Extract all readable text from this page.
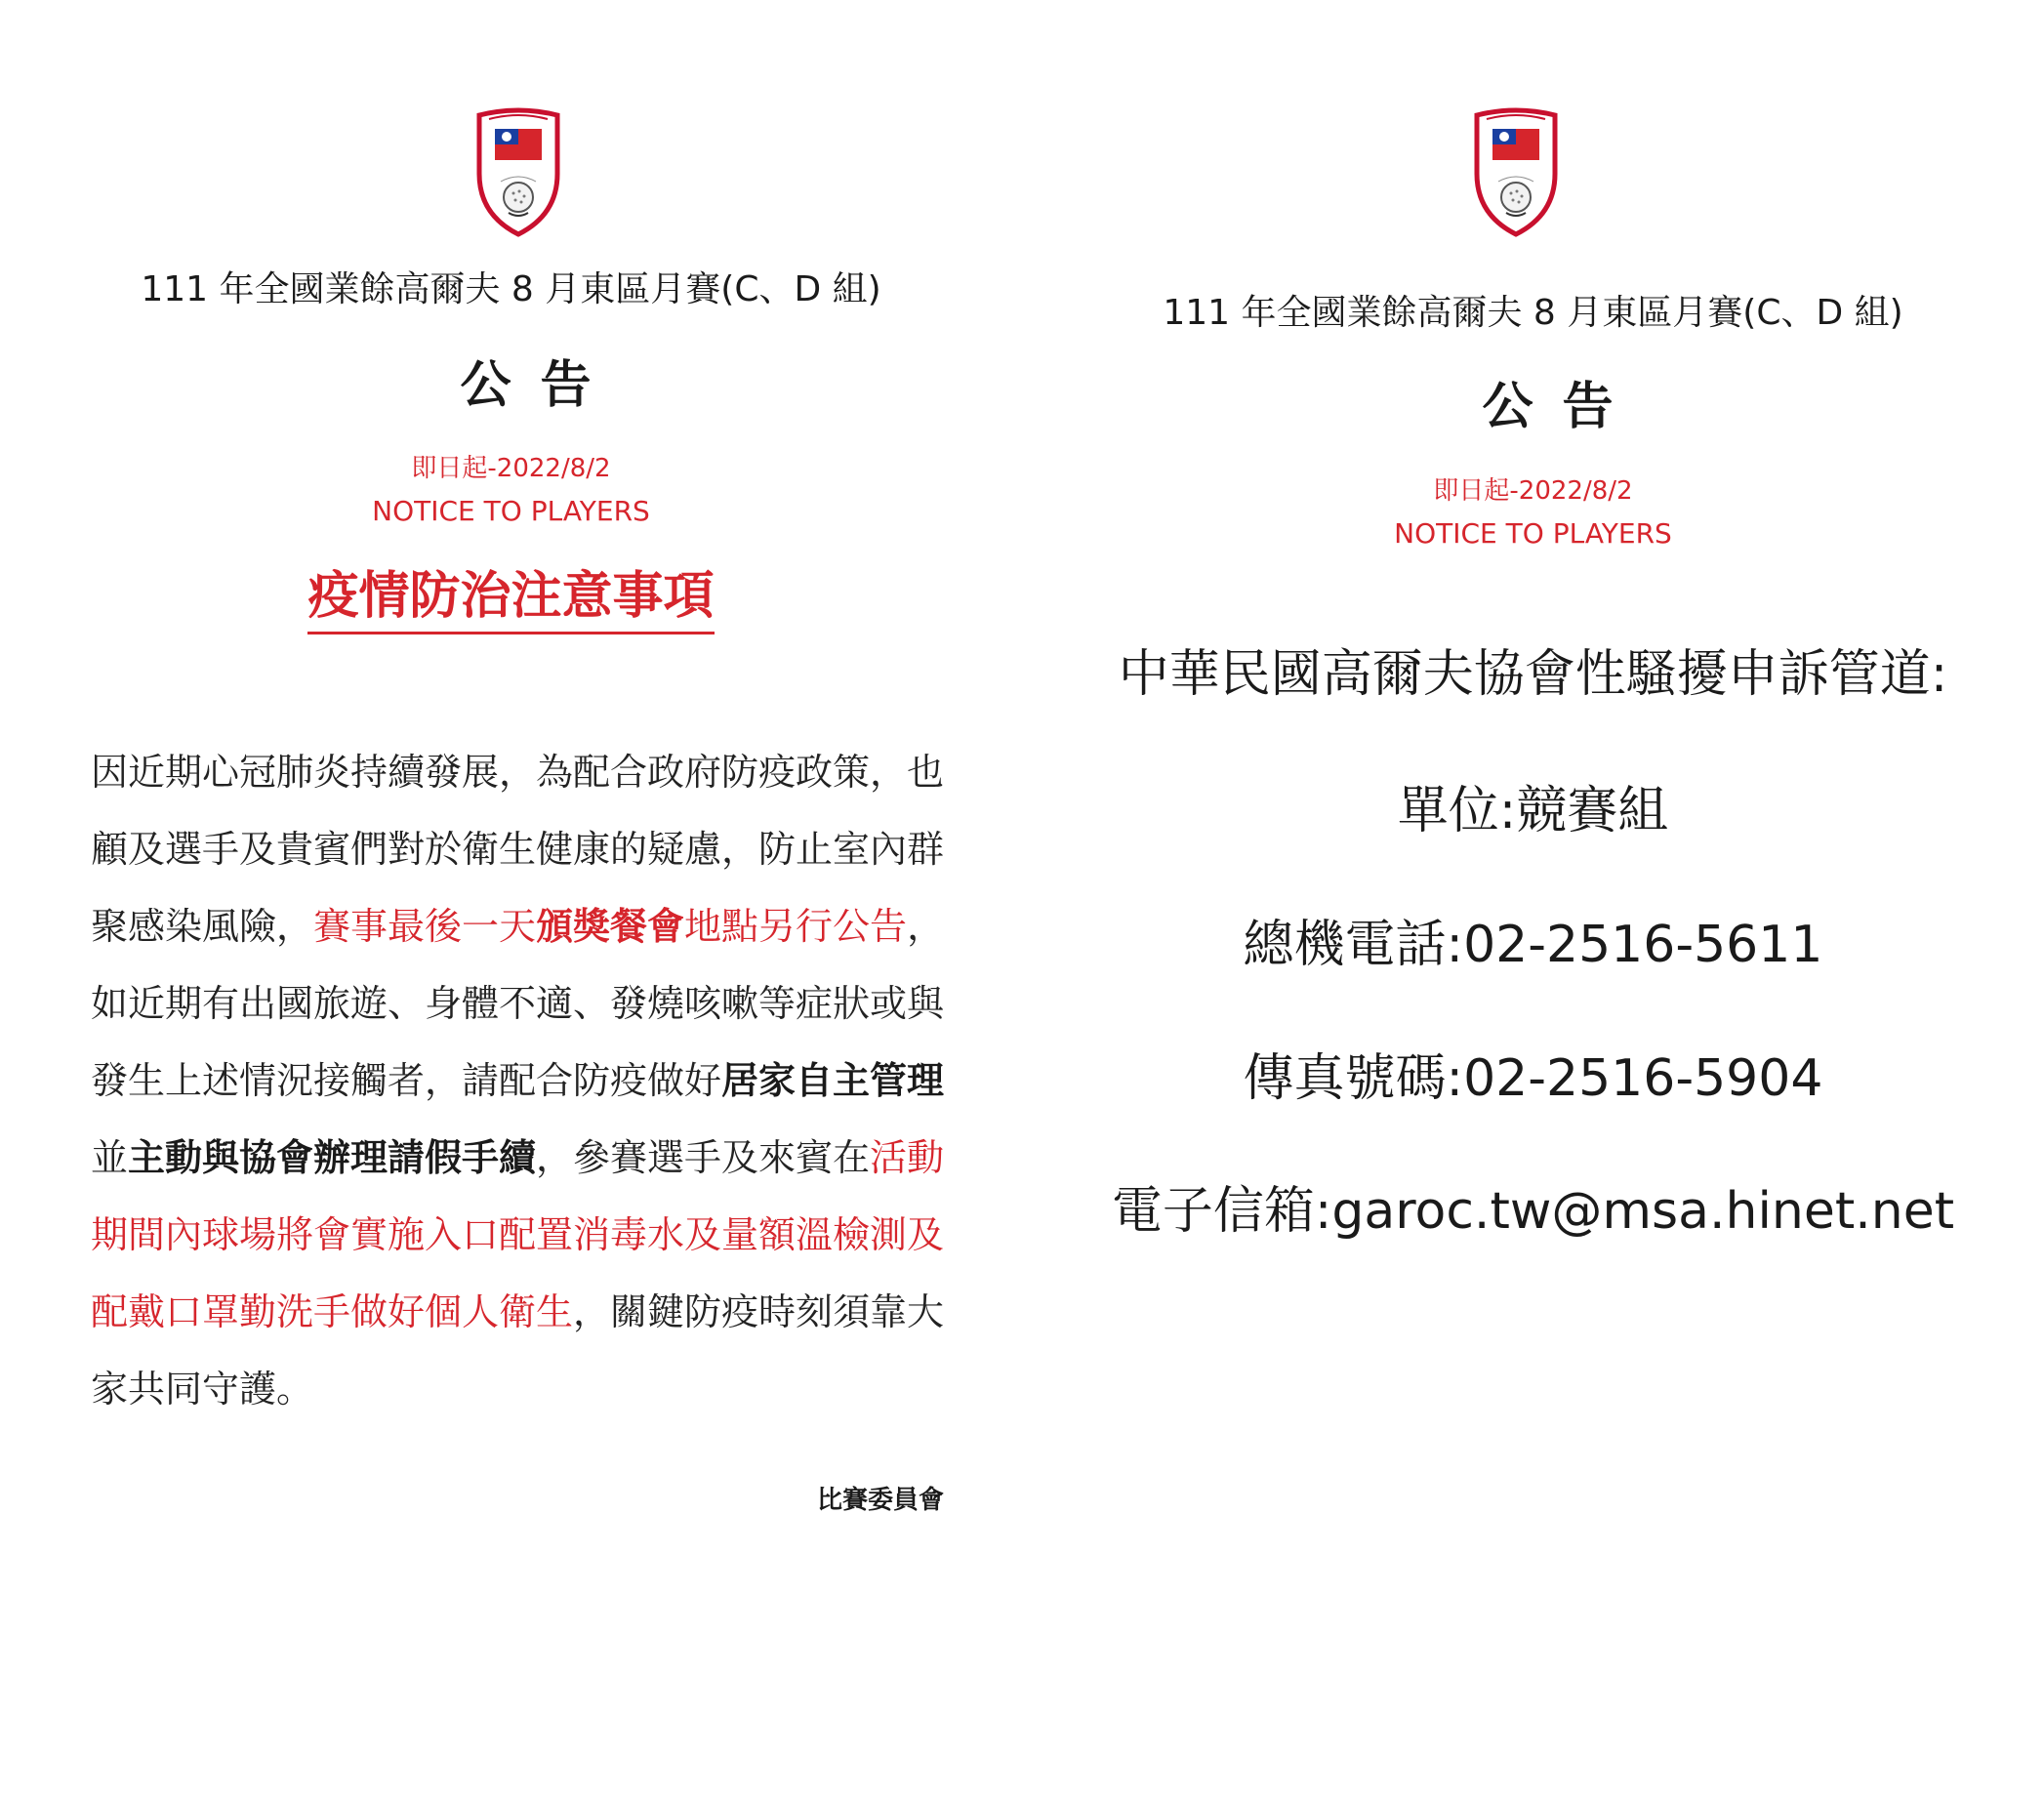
111 年全國業餘高爾夫 8 月東區月賽(C、D 組)
公告
即日起-2022/8/2
NOTICE TO PLAYERS
疫情防治注意事項
因近期心冠肺炎持續發展，為配合政府防疫政策，也顧及選手及貴賓們對於衛生健康的疑慮，防止室內群聚感染風險，賽事最後一天頒獎餐會地點另行公告，如近期有出國旅遊、身體不適、發燒咳嗽等症狀或與發生上述情況接觸者，請配合防疫做好居家自主管理並主動與協會辦理請假手續，參賽選手及來賓在活動期間內球場將會實施入口配置消毒水及量額溫檢測及配戴口罩勤洗手做好個人衛生，關鍵防疫時刻須靠大家共同守護。
比賽委員會
111 年全國業餘高爾夫 8 月東區月賽(C、D 組)
公告
即日起-2022/8/2
NOTICE TO PLAYERS
中華民國高爾夫協會性騷擾申訴管道:
單位:競賽組
總機電話:02-2516-5611
傳真號碼:02-2516-5904
電子信箱:garoc.tw@msa.hinet.net
